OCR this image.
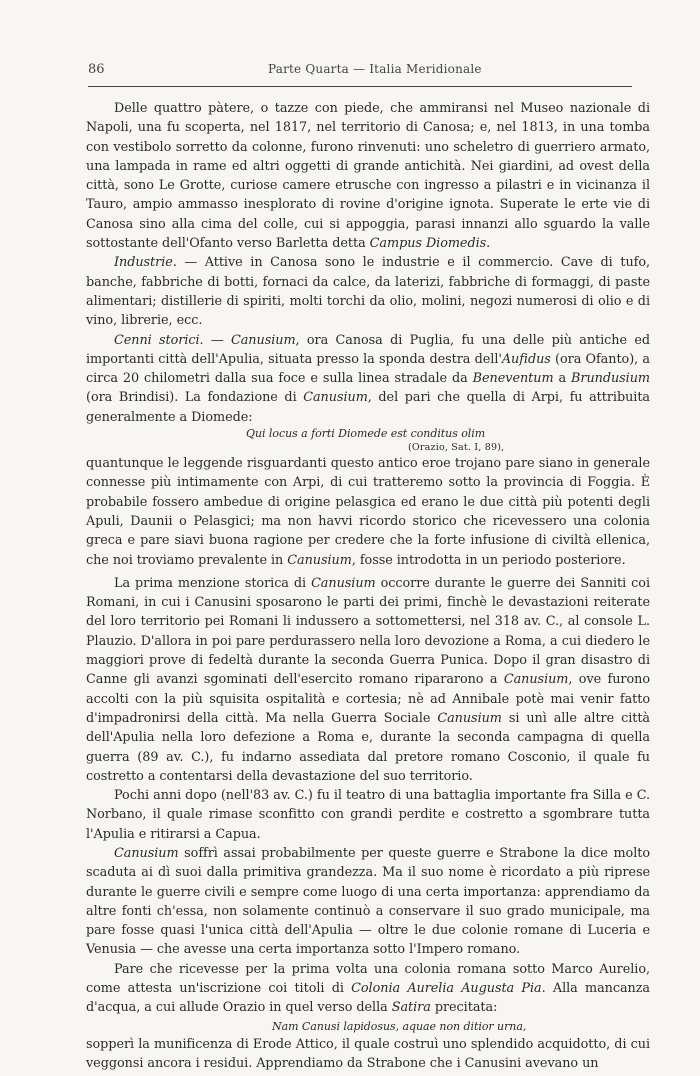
86	Parte Quarta — Italia Meridionale

Delle quattro pàtere, o tazze con piede, che ammiransi nel Museo nazionale di Napoli, una fu scoperta, nel 1817, nel territorio di Canosa; e, nel 1813, in una tomba con vestibolo sorretto da colonne, furono rinvenuti: uno scheletro di guerriero armato, una lampada in rame ed altri oggetti di grande antichità. Nei giardini, ad ovest della città, sono Le Grotte, curiose camere etrusche con ingresso a pilastri e in vicinanza il Tauro, ampio ammasso inesplorato di rovine d'origine ignota. Superate le erte vie di Canosa sino alla cima del colle, cui si appoggia, parasi innanzi allo sguardo la valle sottostante dell'Ofanto verso Barletta detta Campus Diomedis.

Industrie. — Attive in Canosa sono le industrie e il commercio. Cave di tufo, banche, fabbriche di botti, fornaci da calce, da laterizi, fabbriche di formaggi, di paste alimentari; distillerie di spiriti, molti torchi da olio, molini, negozi numerosi di olio e di vino, librerie, ecc.

Cenni storici. — Canusium, ora Canosa di Puglia, fu una delle più antiche ed importanti città dell'Apulia, situata presso la sponda destra dell'Aufidus (ora Ofanto), a circa 20 chilometri dalla sua foce e sulla linea stradale da Beneventum a Brundusium (ora Brindisi). La fondazione di Canusium, del pari che quella di Arpi, fu attribuita generalmente a Diomede:

Qui locus a forti Diomede est conditus olim

(Orazio, Sat. I, 89),

quantunque le leggende risguardanti questo antico eroe trojano pare siano in generale connesse più intimamente con Arpi, di cui tratteremo sotto la provincia di Foggia. È probabile fossero ambedue di origine pelasgica ed erano le due città più potenti degli Apuli, Daunii o Pelasgici; ma non havvi ricordo storico che ricevessero una colonia greca e pare siavi buona ragione per credere che la forte infusione di civiltà ellenica, che noi troviamo prevalente in Canusium, fosse introdotta in un periodo posteriore.

La prima menzione storica di Canusium occorre durante le guerre dei Sanniti coi Romani, in cui i Canusini sposarono le parti dei primi, finchè le devastazioni reiterate del loro territorio pei Romani li indussero a sottomettersi, nel 318 av. C., al console L. Plauzio. D'allora in poi pare perdurassero nella loro devozione a Roma, a cui diedero le maggiori prove di fedeltà durante la seconda Guerra Punica. Dopo il gran disastro di Canne gli avanzi sgominati dell'esercito romano ripararono a Canusium, ove furono accolti con la più squisita ospitalità e cortesia; nè ad Annibale potè mai venir fatto d'impadronirsi della città. Ma nella Guerra Sociale Canusium si unì alle altre città dell'Apulia nella loro defezione a Roma e, durante la seconda campagna di quella guerra (89 av. C.), fu indarno assediata dal pretore romano Cosconio, il quale fu costretto a contentarsi della devastazione del suo territorio.

Pochi anni dopo (nell'83 av. C.) fu il teatro di una battaglia importante fra Silla e C. Norbano, il quale rimase sconfitto con grandi perdite e costretto a sgombrare tutta l'Apulia e ritirarsi a Capua.

Canusium soffrì assai probabilmente per queste guerre e Strabone la dice molto scaduta ai dì suoi dalla primitiva grandezza. Ma il suo nome è ricordato a più riprese durante le guerre civili e sempre come luogo di una certa importanza: apprendiamo da altre fonti ch'essa, non solamente continuò a conservare il suo grado municipale, ma pare fosse quasi l'unica città dell'Apulia — oltre le due colonie romane di Luceria e Venusia — che avesse una certa importanza sotto l'Impero romano.

Pare che ricevesse per la prima volta una colonia romana sotto Marco Aurelio, come attesta un'iscrizione coi titoli di Colonia Aurelia Augusta Pia. Alla mancanza d'acqua, a cui allude Orazio in quel verso della Satira precitata:

Nam Canusi lapidosus, aquae non ditior urna,

sopperì la munificenza di Erode Attico, il quale costruì uno splendido acquidotto, di cui veggonsi ancora i residui. Apprendiamo da Strabone che i Canusini avevano un
